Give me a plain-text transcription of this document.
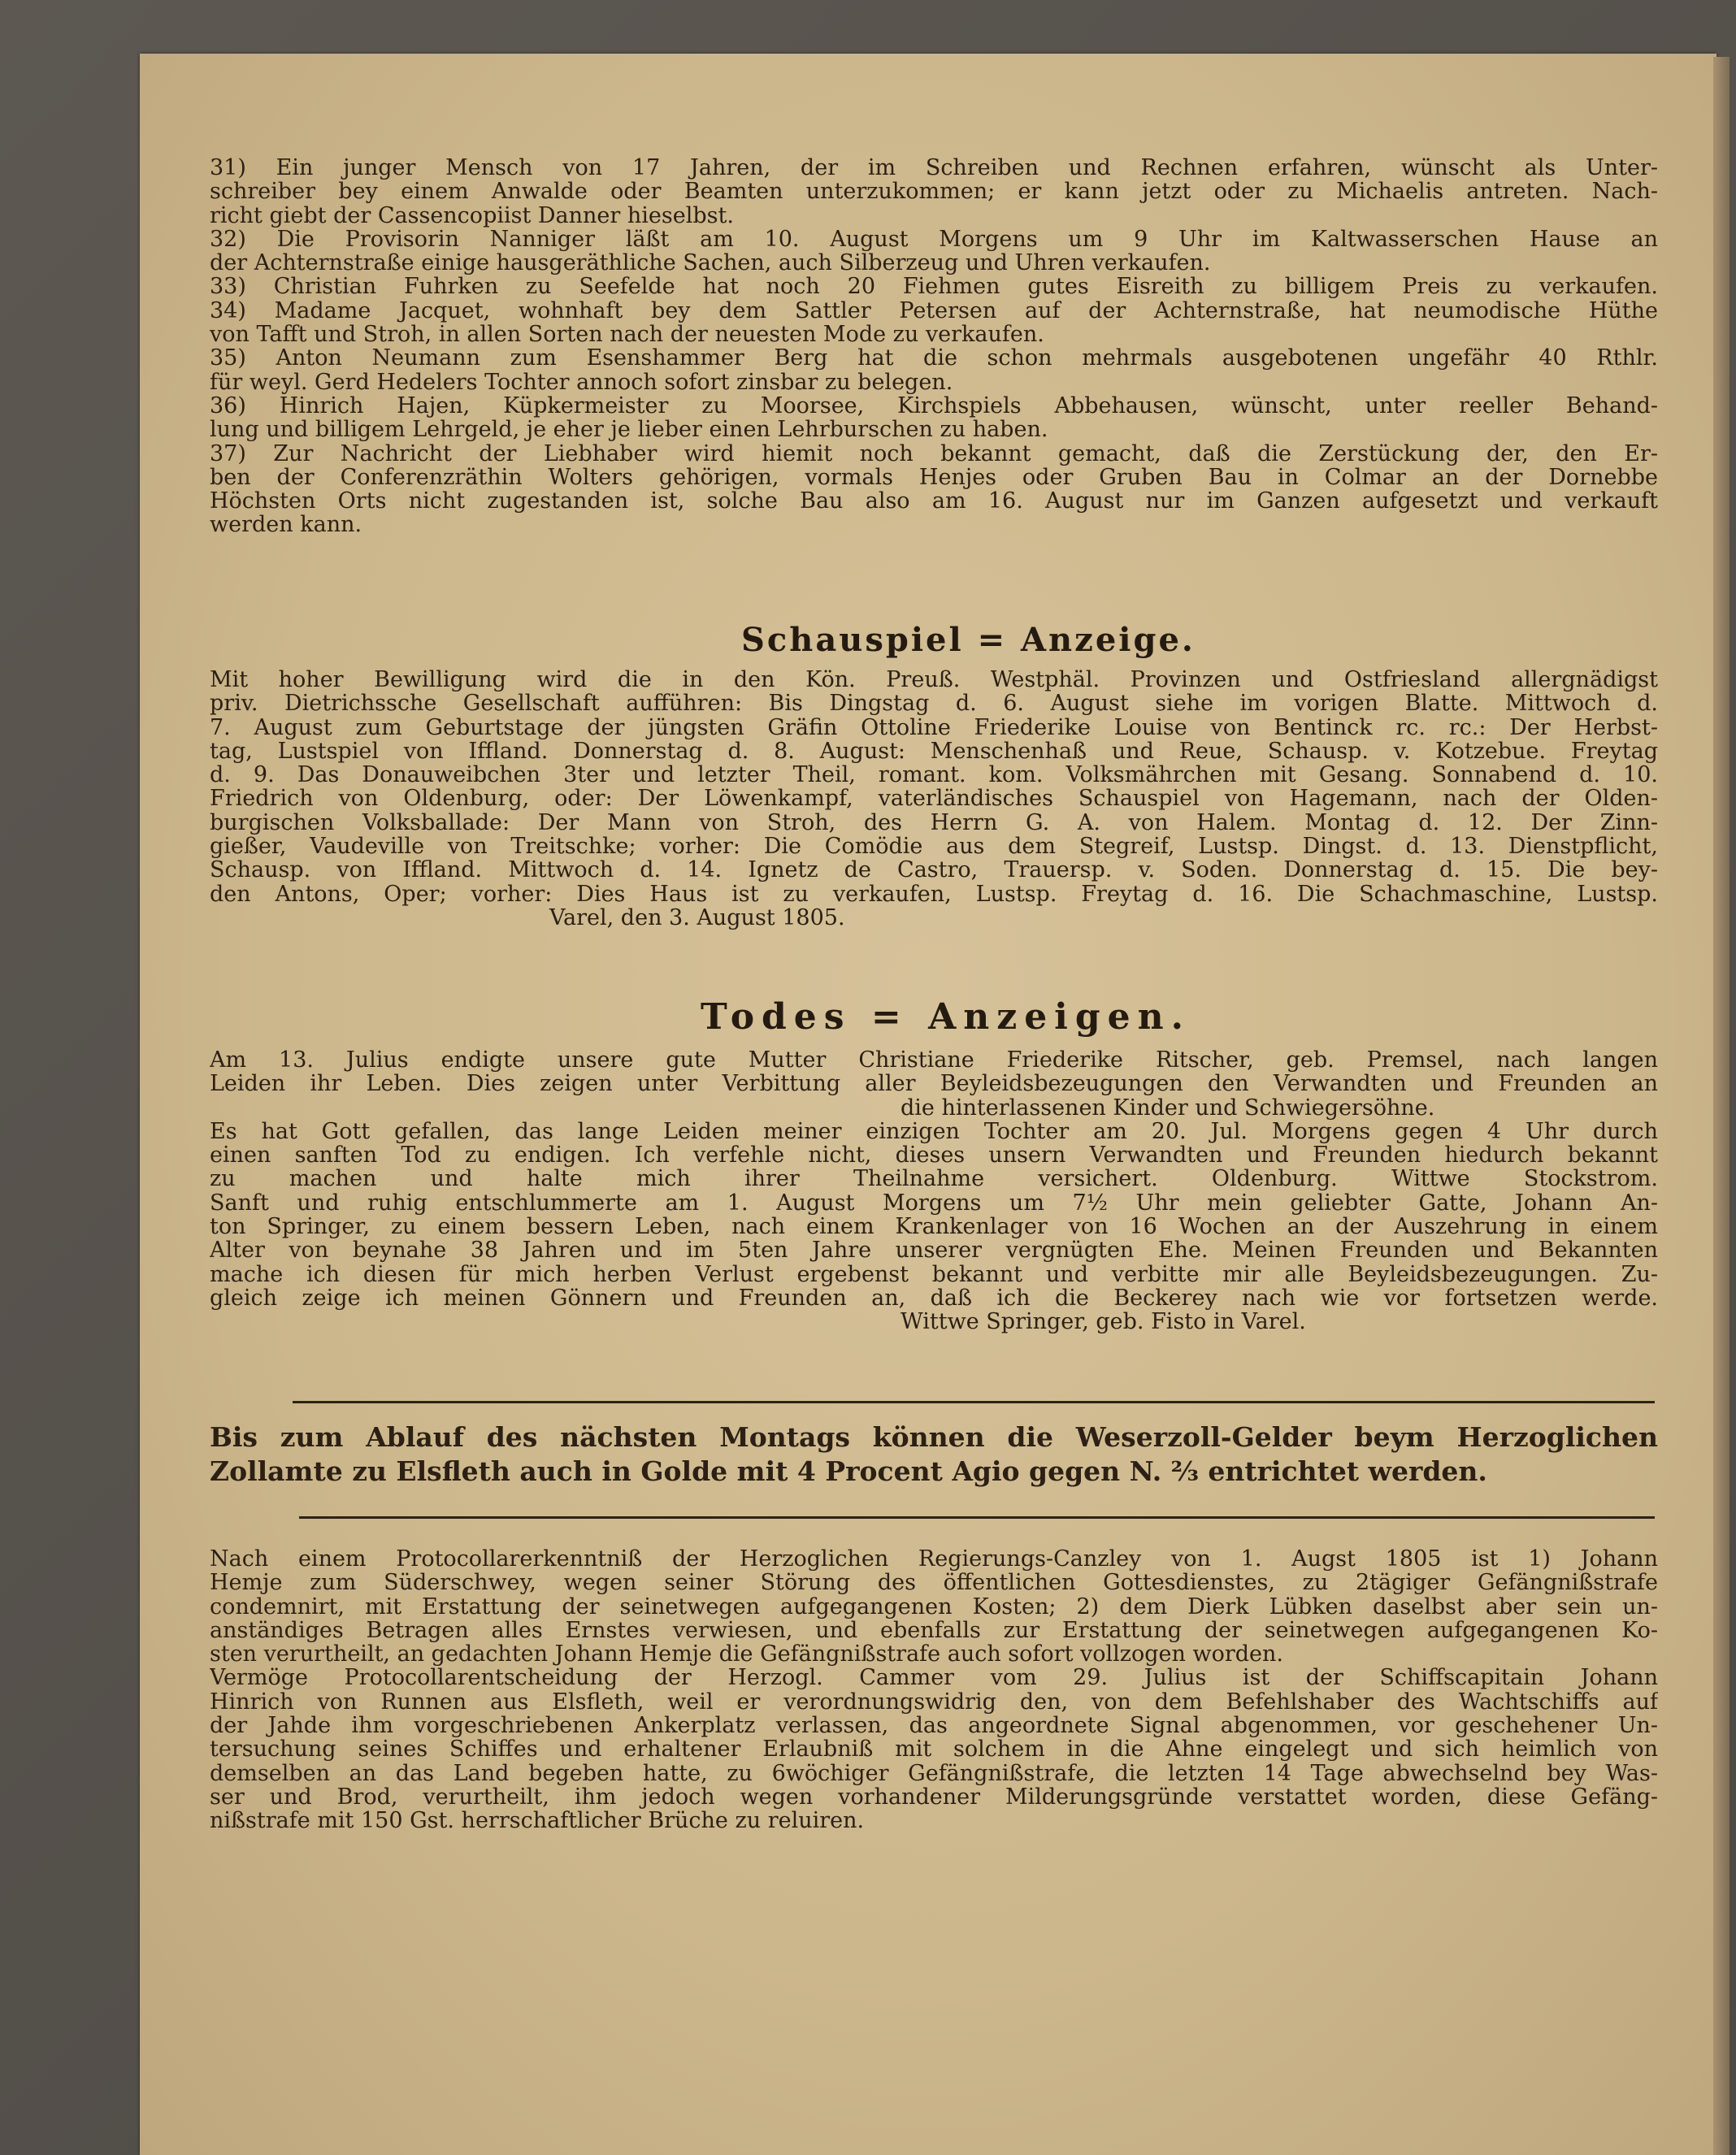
31) Ein junger Mensch von 17 Jahren, der im Schreiben und Rechnen erfahren, wünscht als Unter-
schreiber bey einem Anwalde oder Beamten unterzukommen; er kann jetzt oder zu Michaelis antreten. Nach-
richt giebt der Cassencopiist Danner hieselbst.
32) Die Provisorin Nanniger läßt am 10. August Morgens um 9 Uhr im Kaltwasserschen Hause an
der Achternstraße einige hausgeräthliche Sachen, auch Silberzeug und Uhren verkaufen.
33) Christian Fuhrken zu Seefelde hat noch 20 Fiehmen gutes Eisreith zu billigem Preis zu verkaufen.
34) Madame Jacquet, wohnhaft bey dem Sattler Petersen auf der Achternstraße, hat neumodische Hüthe
von Tafft und Stroh, in allen Sorten nach der neuesten Mode zu verkaufen.
35) Anton Neumann zum Esenshammer Berg hat die schon mehrmals ausgebotenen ungefähr 40 Rthlr.
für weyl. Gerd Hedelers Tochter annoch sofort zinsbar zu belegen.
36) Hinrich Hajen, Küpkermeister zu Moorsee, Kirchspiels Abbehausen, wünscht, unter reeller Behand-
lung und billigem Lehrgeld, je eher je lieber einen Lehrburschen zu haben.
37) Zur Nachricht der Liebhaber wird hiemit noch bekannt gemacht, daß die Zerstückung der, den Er-
ben der Conferenzräthin Wolters gehörigen, vormals Henjes oder Gruben Bau in Colmar an der Dornebbe
Höchsten Orts nicht zugestanden ist, solche Bau also am 16. August nur im Ganzen aufgesetzt und verkauft
werden kann.
Schauspiel = Anzeige.
Mit hoher Bewilligung wird die in den Kön. Preuß. Westphäl. Provinzen und Ostfriesland allergnädigst
priv. Dietrichssche Gesellschaft aufführen: Bis Dingstag d. 6. August siehe im vorigen Blatte. Mittwoch d.
7. August zum Geburtstage der jüngsten Gräfin Ottoline Friederike Louise von Bentinck rc. rc.: Der Herbst-
tag, Lustspiel von Iffland. Donnerstag d. 8. August: Menschenhaß und Reue, Schausp. v. Kotzebue. Freytag
d. 9. Das Donauweibchen 3ter und letzter Theil, romant. kom. Volksmährchen mit Gesang. Sonnabend d. 10.
Friedrich von Oldenburg, oder: Der Löwenkampf, vaterländisches Schauspiel von Hagemann, nach der Olden-
burgischen Volksballade: Der Mann von Stroh, des Herrn G. A. von Halem. Montag d. 12. Der Zinn-
gießer, Vaudeville von Treitschke; vorher: Die Comödie aus dem Stegreif, Lustsp. Dingst. d. 13. Dienstpflicht,
Schausp. von Iffland. Mittwoch d. 14. Ignetz de Castro, Trauersp. v. Soden. Donnerstag d. 15. Die bey-
den Antons, Oper; vorher: Dies Haus ist zu verkaufen, Lustsp. Freytag d. 16. Die Schachmaschine, Lustsp.
Varel, den 3. August 1805.
Todes = Anzeigen.
Am 13. Julius endigte unsere gute Mutter Christiane Friederike Ritscher, geb. Premsel, nach langen
Leiden ihr Leben. Dies zeigen unter Verbittung aller Beyleidsbezeugungen den Verwandten und Freunden an
die hinterlassenen Kinder und Schwiegersöhne.
Es hat Gott gefallen, das lange Leiden meiner einzigen Tochter am 20. Jul. Morgens gegen 4 Uhr durch
einen sanften Tod zu endigen. Ich verfehle nicht, dieses unsern Verwandten und Freunden hiedurch bekannt
zu machen und halte mich ihrer Theilnahme versichert. Oldenburg. Wittwe Stockstrom.
Sanft und ruhig entschlummerte am 1. August Morgens um 7½ Uhr mein geliebter Gatte, Johann An-
ton Springer, zu einem bessern Leben, nach einem Krankenlager von 16 Wochen an der Auszehrung in einem
Alter von beynahe 38 Jahren und im 5ten Jahre unserer vergnügten Ehe. Meinen Freunden und Bekannten
mache ich diesen für mich herben Verlust ergebenst bekannt und verbitte mir alle Beyleidsbezeugungen. Zu-
gleich zeige ich meinen Gönnern und Freunden an, daß ich die Beckerey nach wie vor fortsetzen werde.
Wittwe Springer, geb. Fisto in Varel.
Bis zum Ablauf des nächsten Montags können die Weserzoll-Gelder beym Herzoglichen
Zollamte zu Elsfleth auch in Golde mit 4 Procent Agio gegen N. ⅔ entrichtet werden.
Nach einem Protocollarerkenntniß der Herzoglichen Regierungs-Canzley von 1. Augst 1805 ist 1) Johann
Hemje zum Süderschwey, wegen seiner Störung des öffentlichen Gottesdienstes, zu 2tägiger Gefängnißstrafe
condemnirt, mit Erstattung der seinetwegen aufgegangenen Kosten; 2) dem Dierk Lübken daselbst aber sein un-
anständiges Betragen alles Ernstes verwiesen, und ebenfalls zur Erstattung der seinetwegen aufgegangenen Ko-
sten verurtheilt, an gedachten Johann Hemje die Gefängnißstrafe auch sofort vollzogen worden.
Vermöge Protocollarentscheidung der Herzogl. Cammer vom 29. Julius ist der Schiffscapitain Johann
Hinrich von Runnen aus Elsfleth, weil er verordnungswidrig den, von dem Befehlshaber des Wachtschiffs auf
der Jahde ihm vorgeschriebenen Ankerplatz verlassen, das angeordnete Signal abgenommen, vor geschehener Un-
tersuchung seines Schiffes und erhaltener Erlaubniß mit solchem in die Ahne eingelegt und sich heimlich von
demselben an das Land begeben hatte, zu 6wöchiger Gefängnißstrafe, die letzten 14 Tage abwechselnd bey Was-
ser und Brod, verurtheilt, ihm jedoch wegen vorhandener Milderungsgründe verstattet worden, diese Gefäng-
nißstrafe mit 150 Gst. herrschaftlicher Brüche zu reluiren.
